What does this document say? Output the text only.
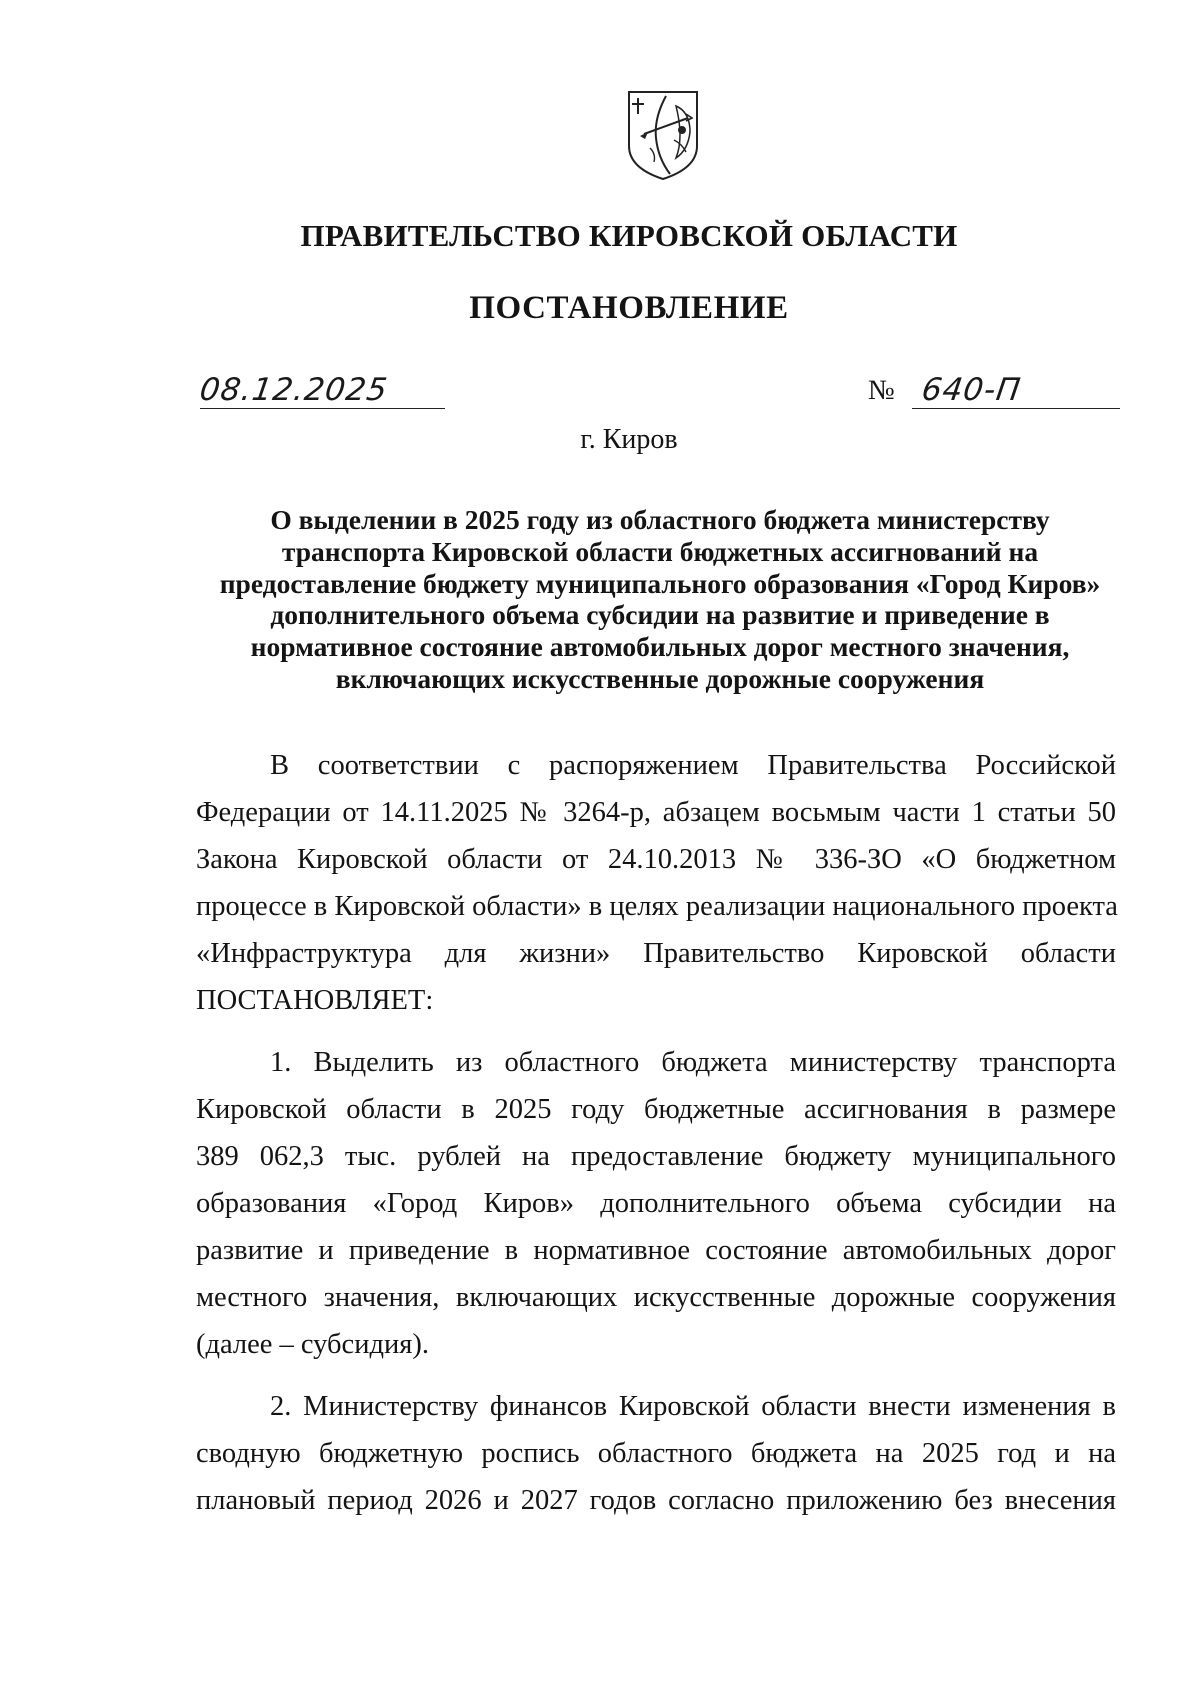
ПРАВИТЕЛЬСТВО КИРОВСКОЙ ОБЛАСТИ
ПОСТАНОВЛЕНИЕ
08.12.2025	№ 640-П
г. Киров
О выделении в 2025 году из областного бюджета министерству
транспорта Кировской области бюджетных ассигнований на
предоставление бюджету муниципального образования «Город Киров»
дополнительного объема субсидии на развитие и приведение в
нормативное состояние автомобильных дорог местного значения,
включающих искусственные дорожные сооружения
В соответствии с распоряжением Правительства Российской
Федерации от 14.11.2025 № 3264-р, абзацем восьмым части 1 статьи 50
Закона Кировской области от 24.10.2013 № 336-ЗО «О бюджетном
процессе в Кировской области» в целях реализации национального проекта
«Инфраструктура для жизни» Правительство Кировской области
ПОСТАНОВЛЯЕТ:
1. Выделить из областного бюджета министерству транспорта
Кировской области в 2025 году бюджетные ассигнования в размере
389 062,3 тыс. рублей на предоставление бюджету муниципального
образования «Город Киров» дополнительного объема субсидии на
развитие и приведение в нормативное состояние автомобильных дорог
местного значения, включающих искусственные дорожные сооружения
(далее – субсидия).
2. Министерству финансов Кировской области внести изменения в
сводную бюджетную роспись областного бюджета на 2025 год и на
плановый период 2026 и 2027 годов согласно приложению без внесения
